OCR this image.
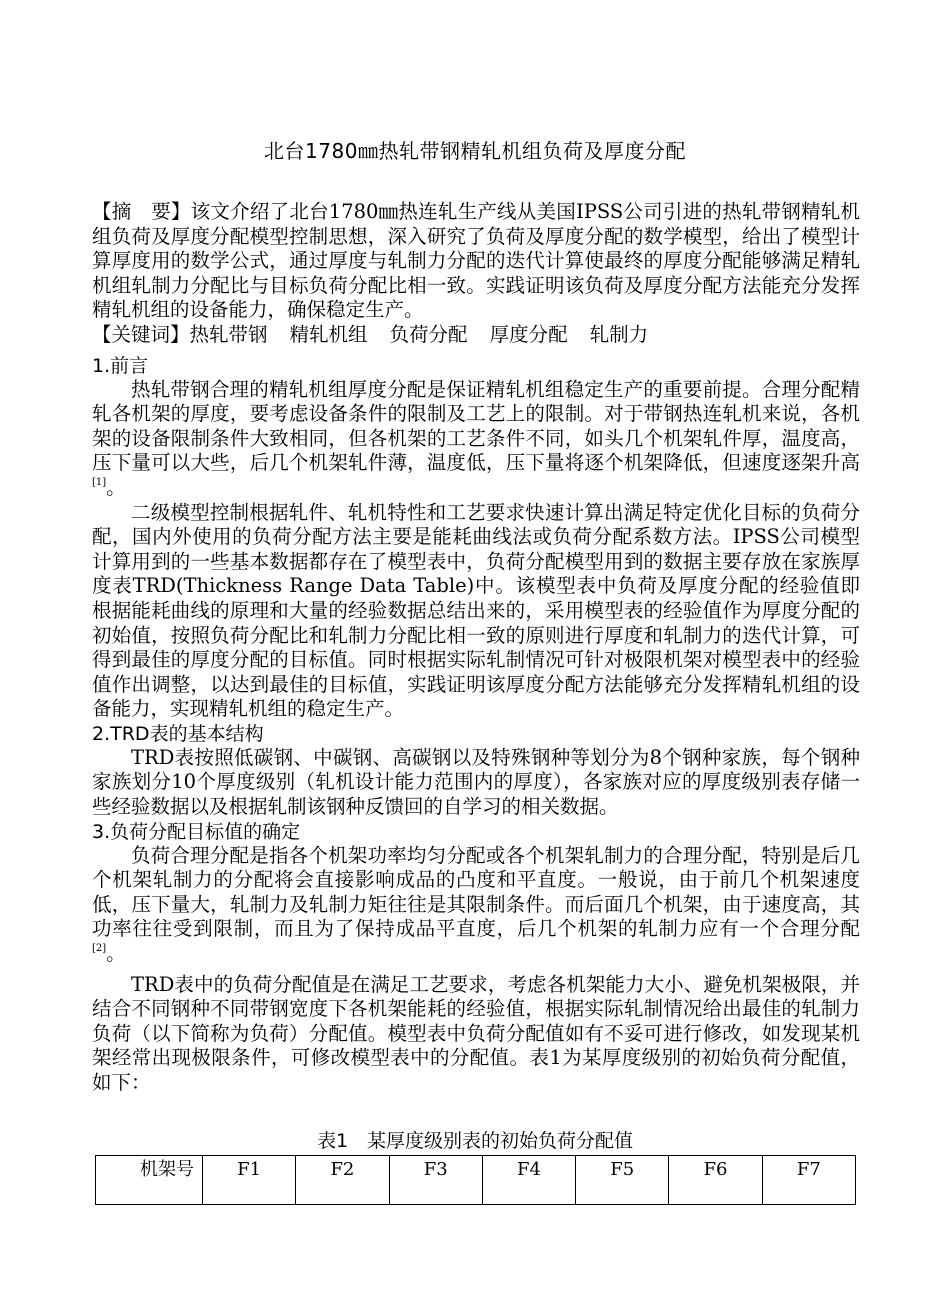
北台1780㎜热轧带钢精轧机组负荷及厚度分配

【摘　要】该文介绍了北台1780㎜热连轧生产线从美国IPSS公司引进的热轧带钢精轧机组负荷及厚度分配模型控制思想，深入研究了负荷及厚度分配的数学模型，给出了模型计算厚度用的数学公式，通过厚度与轧制力分配的迭代计算使最终的厚度分配能够满足精轧机组轧制力分配比与目标负荷分配比相一致。实践证明该负荷及厚度分配方法能充分发挥精轧机组的设备能力，确保稳定生产。

【关键词】热轧带钢 精轧机组 负荷分配 厚度分配 轧制力

1.前言

热轧带钢合理的精轧机组厚度分配是保证精轧机组稳定生产的重要前提。合理分配精轧各机架的厚度，要考虑设备条件的限制及工艺上的限制。对于带钢热连轧机来说，各机架的设备限制条件大致相同，但各机架的工艺条件不同，如头几个机架轧件厚，温度高，压下量可以大些，后几个机架轧件薄，温度低，压下量将逐个机架降低，但速度逐架升高[1]。

二级模型控制根据轧件、轧机特性和工艺要求快速计算出满足特定优化目标的负荷分配，国内外使用的负荷分配方法主要是能耗曲线法或负荷分配系数方法。IPSS公司模型计算用到的一些基本数据都存在了模型表中，负荷分配模型用到的数据主要存放在家族厚度表TRD(Thickness Range Data Table)中。该模型表中负荷及厚度分配的经验值即根据能耗曲线的原理和大量的经验数据总结出来的，采用模型表的经验值作为厚度分配的初始值，按照负荷分配比和轧制力分配比相一致的原则进行厚度和轧制力的迭代计算，可得到最佳的厚度分配的目标值。同时根据实际轧制情况可针对极限机架对模型表中的经验值作出调整，以达到最佳的目标值，实践证明该厚度分配方法能够充分发挥精轧机组的设备能力，实现精轧机组的稳定生产。

2.TRD表的基本结构

TRD表按照低碳钢、中碳钢、高碳钢以及特殊钢种等划分为8个钢种家族，每个钢种家族划分10个厚度级别（轧机设计能力范围内的厚度），各家族对应的厚度级别表存储一些经验数据以及根据轧制该钢种反馈回的自学习的相关数据。

3.负荷分配目标值的确定

负荷合理分配是指各个机架功率均匀分配或各个机架轧制力的合理分配，特别是后几个机架轧制力的分配将会直接影响成品的凸度和平直度。一般说，由于前几个机架速度低，压下量大，轧制力及轧制力矩往往是其限制条件。而后面几个机架，由于速度高，其功率往往受到限制，而且为了保持成品平直度，后几个机架的轧制力应有一个合理分配[2]。

TRD表中的负荷分配值是在满足工艺要求，考虑各机架能力大小、避免机架极限，并结合不同钢种不同带钢宽度下各机架能耗的经验值，根据实际轧制情况给出最佳的轧制力负荷（以下简称为负荷）分配值。模型表中负荷分配值如有不妥可进行修改，如发现某机架经常出现极限条件，可修改模型表中的分配值。表1为某厚度级别的初始负荷分配值，如下：

表1　某厚度级别表的初始负荷分配值
机架号	F1	F2	F3	F4	F5	F6	F7
